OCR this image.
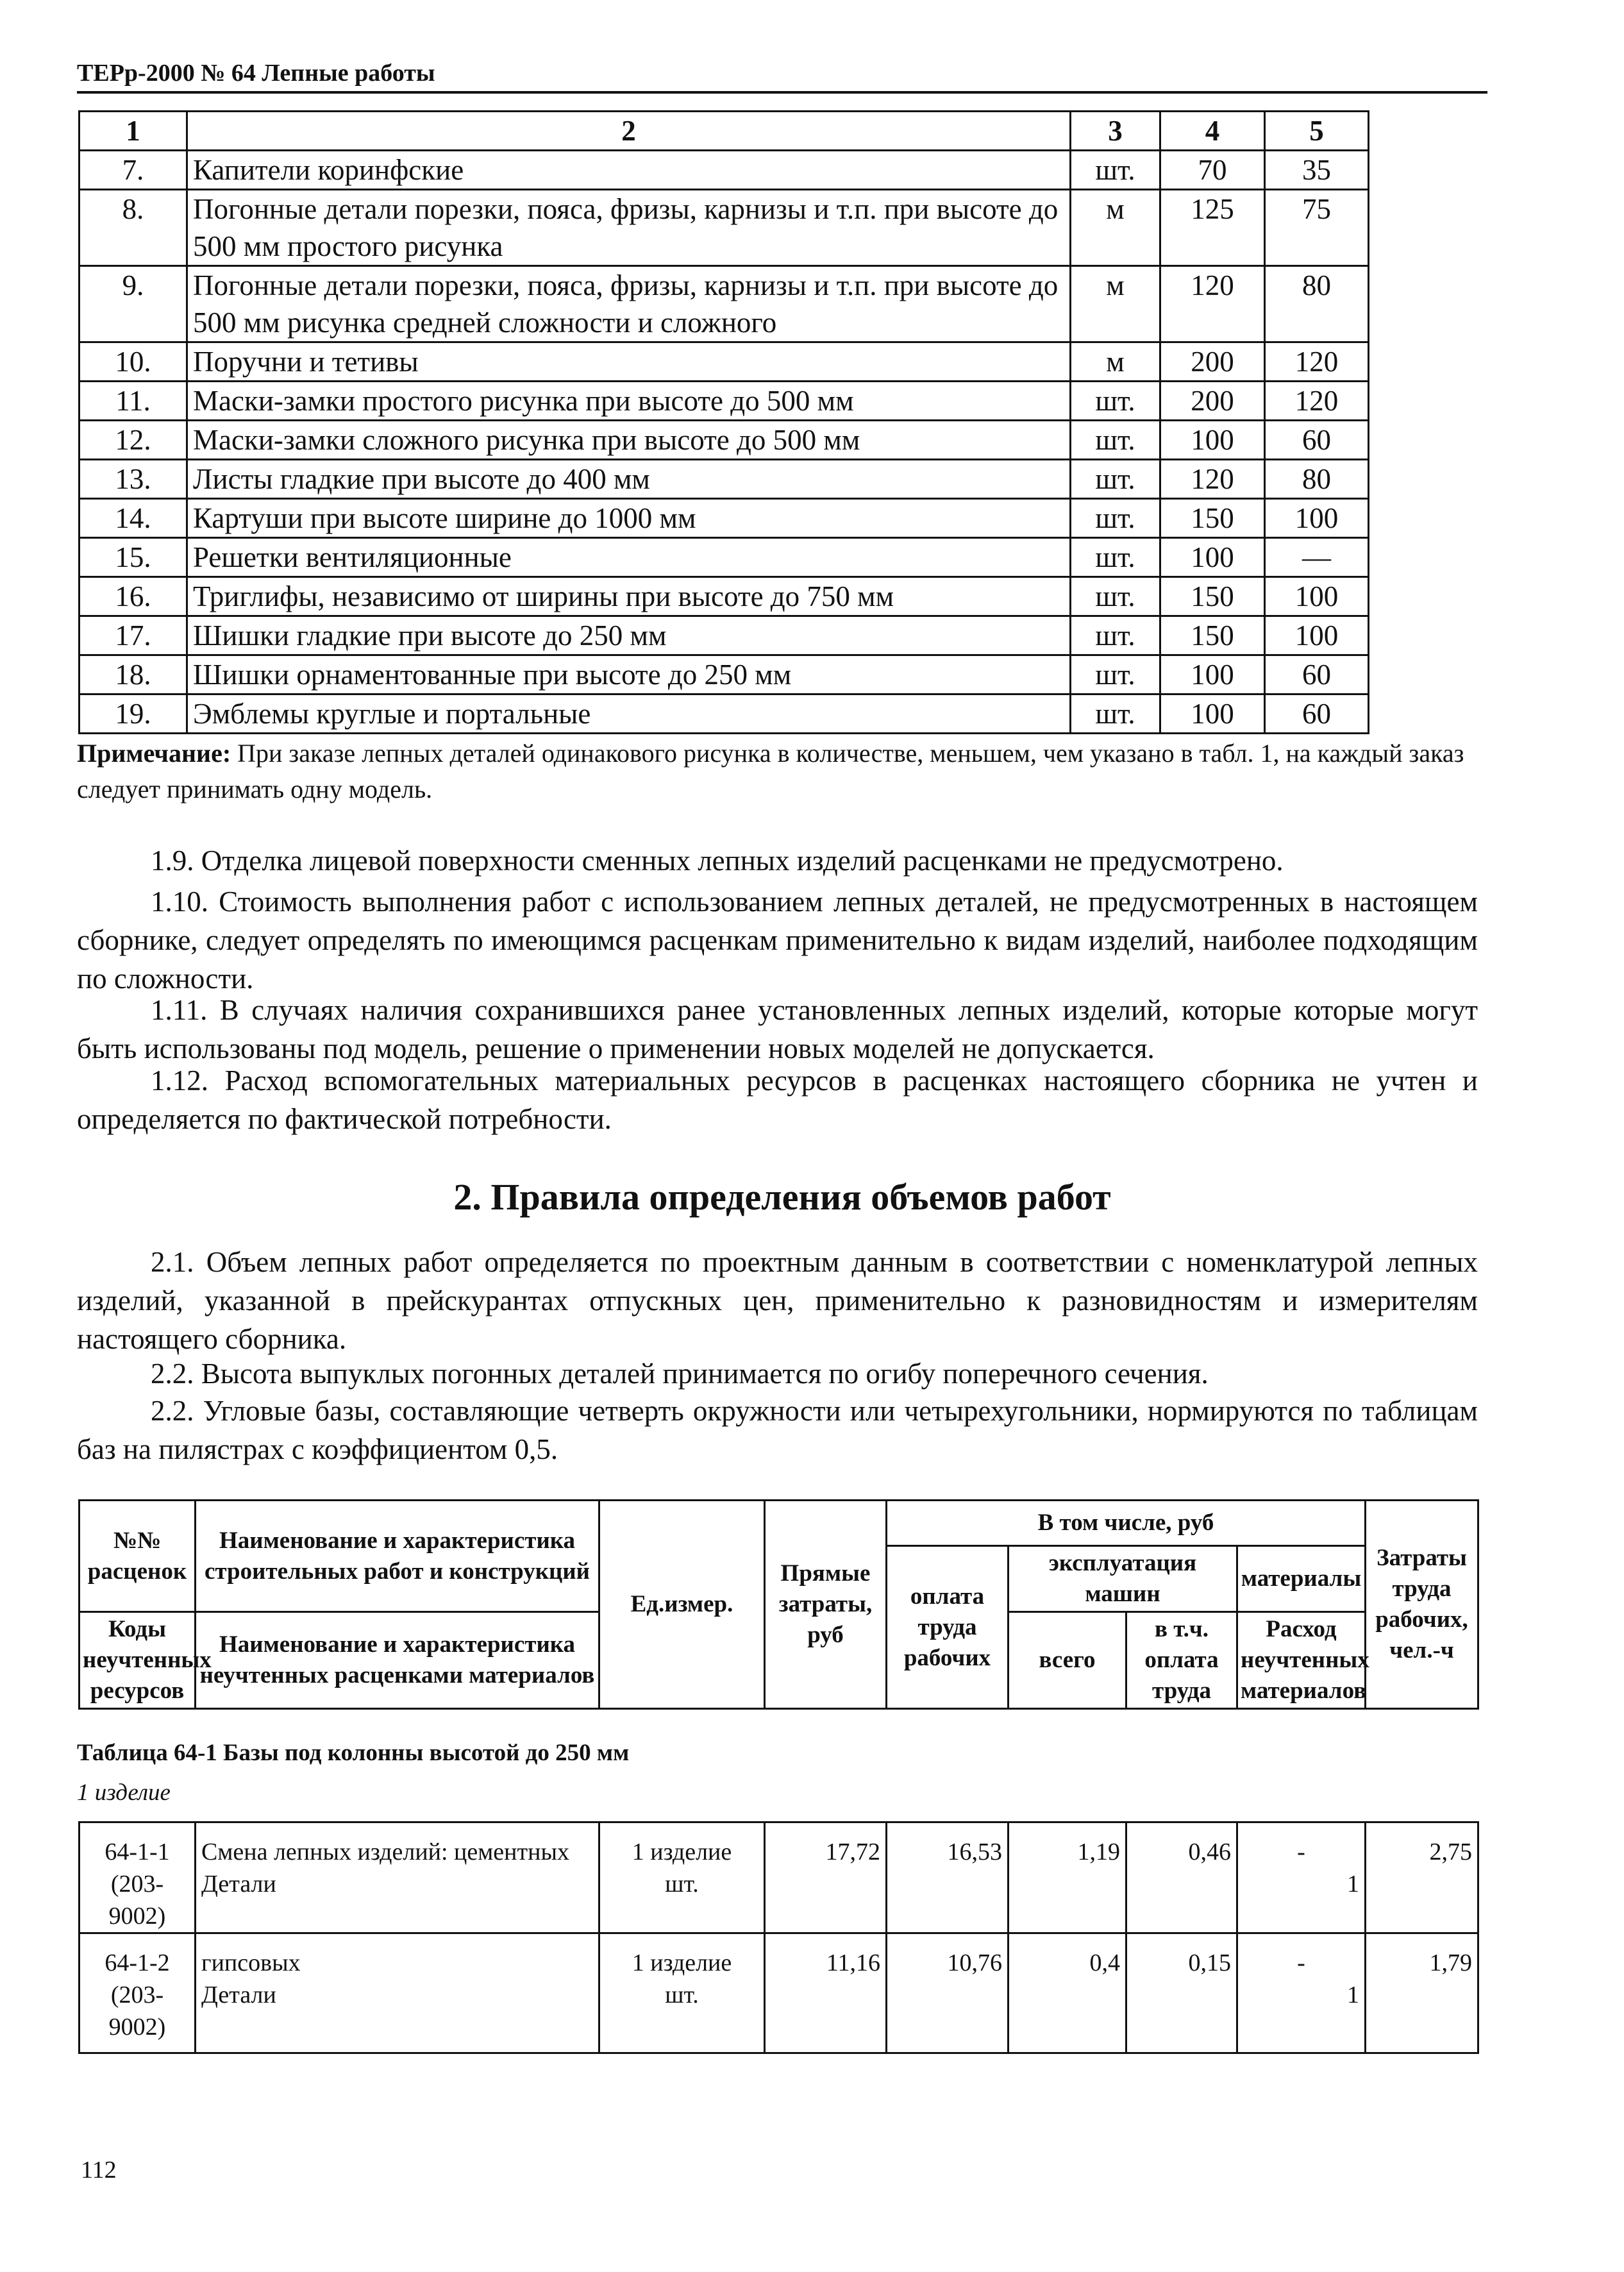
ТЕРр-2000 № 64 Лепные работы
1	2	3	4	5
7.	Капители коринфские	шт.	70	35
8.	Погонные детали порезки, пояса, фризы, карнизы и т.п. при высоте до 500 мм простого рисунка	м	125	75
9.	Погонные детали порезки, пояса, фризы, карнизы и т.п. при высоте до 500 мм рисунка средней сложности и сложного	м	120	80
10.	Поручни и тетивы	м	200	120
11.	Маски-замки простого рисунка при высоте до 500 мм	шт.	200	120
12.	Маски-замки сложного рисунка при высоте до 500 мм	шт.	100	60
13.	Листы гладкие при высоте до 400 мм	шт.	120	80
14.	Картуши при высоте ширине до 1000 мм	шт.	150	100
15.	Решетки вентиляционные	шт.	100	—
16.	Триглифы, независимо от ширины при высоте до 750 мм	шт.	150	100
17.	Шишки гладкие при высоте до 250 мм	шт.	150	100
18.	Шишки орнаментованные при высоте до 250 мм	шт.	100	60
19.	Эмблемы круглые и портальные	шт.	100	60
Примечание: При заказе лепных деталей одинакового рисунка в количестве, меньшем, чем указано в табл. 1, на каждый заказ следует принимать одну модель.

1.9. Отделка лицевой поверхности сменных лепных изделий расценками не предусмотрено.

1.10. Стоимость выполнения работ с использованием лепных деталей, не предусмотренных в настоящем сборнике, следует определять по имеющимся расценкам применительно к видам изделий, наиболее подходящим по сложности.

1.11. В случаях наличия сохранившихся ранее установленных лепных изделий, которые которые могут быть использованы под модель, решение о применении новых моделей не допускается.

1.12. Расход вспомогательных материальных ресурсов в расценках настоящего сборника не учтен и определяется по фактической потребности.

2. Правила определения объемов работ

2.1. Объем лепных работ определяется по проектным данным в соответствии с номенклатурой лепных изделий, указанной в прейскурантах отпускных цен, применительно к разновидностям и измерителям настоящего сборника.

2.2. Высота выпуклых погонных деталей принимается по огибу поперечного сечения.

2.2. Угловые базы, составляющие четверть окружности или четырехугольники, нормируются по таблицам баз на пилястрах с коэффициентом 0,5.

№№ расценок	Наименование и характеристика строительных работ и конструкций	Ед.измер.	Прямые затраты, руб	В том числе, руб				Затраты труда рабочих, чел.-ч
				оплата труда рабочих	эксплуатация машин		материалы	
Коды неучтенных ресурсов	Наименование и характеристика неучтенных расценками материалов				всего	в т.ч. оплата труда	Расход неучтенных материалов	

Таблица 64-1 Базы под колонны высотой до 250 мм
1 изделие
64-1-1	Смена лепных изделий: цементных	1 изделие	17,72	16,53	1,19	0,46	-	2,75
(203-9002)	Детали	шт.					1	
64-1-2	гипсовых	1 изделие	11,16	10,76	0,4	0,15	-	1,79
(203-9002)	Детали	шт.					1	
112
